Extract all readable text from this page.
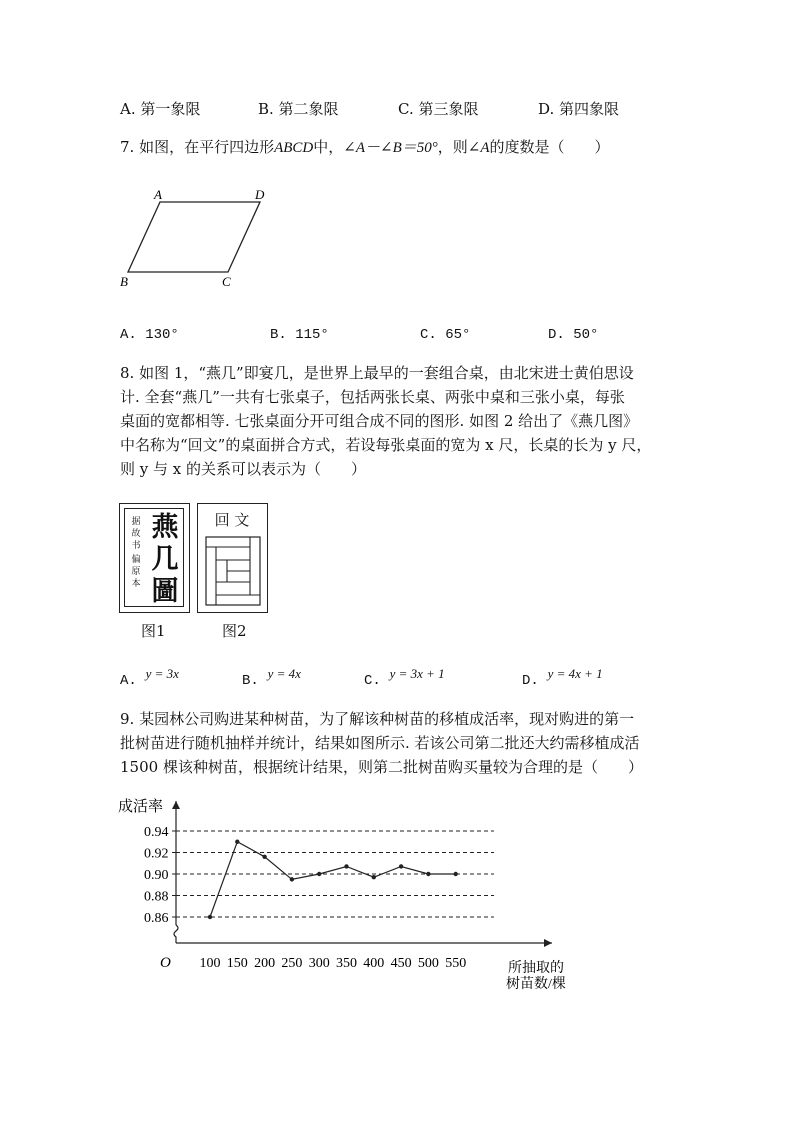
A. 第一象限	B. 第二象限	C. 第三象限	D. 第四象限
7. 如图，在平行四边形ABCD中，∠A－∠B＝50°，则∠A的度数是（　　）
A	D
B	C
A. 130°	B. 115°	C. 65°	D. 50°
8. 如图 1，“燕几”即宴几，是世界上最早的一套组合桌，由北宋进士黄伯思设
计. 全套“燕几”一共有七张桌子，包括两张长桌、两张中桌和三张小桌，每张
桌面的宽都相等. 七张桌面分开可组合成不同的图形. 如图 2 给出了《燕几图》
中名称为“回文”的桌面拼合方式，若设每张桌面的宽为 x 尺，长桌的长为 y 尺，
则 y 与 x 的关系可以表示为（　　）
据
故
书
偏
原
本
燕
几
圖
图1
回 文
图2
A. y = 3x	B. y = 4x	C. y = 3x + 1	D. y = 4x + 1
9. 某园林公司购进某种树苗，为了解该种树苗的移植成活率，现对购进的第一
批树苗进行随机抽样并统计，结果如图所示. 若该公司第二批还大约需移植成活
1500 棵该种树苗，根据统计结果，则第二批树苗购买量较为合理的是（　　）
0.86
0.88
0.90
0.92
0.94
100 150 200 250 300 350 400 450 500 550
成活率
O	所抽取的
树苗数/棵
